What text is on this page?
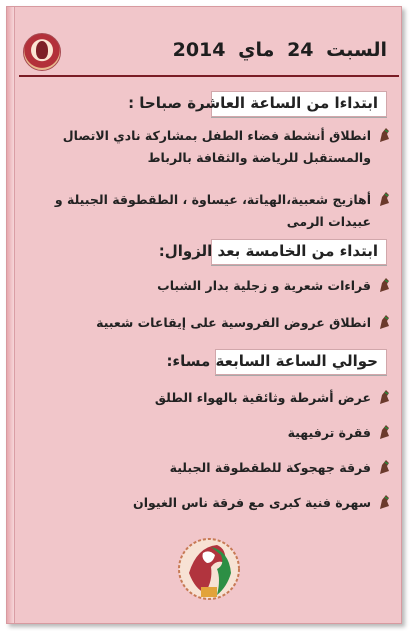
السبت 24 ماي 2014
ابتداءا من الساعة العاشرة صباحا :
انطلاق أنشطة فضاء الطفل بمشاركة نادي الاتصال والمستقبل للرياضة والثقافة بالرباط
أهازيج شعبية،الهياتة، عيساوة ، الطقطوقة الجبيلة و عبيدات الرمى
ابتداء من الخامسة بعد الزوال:
قراءات شعرية و زجلية بدار الشباب
انطلاق عروض الفروسية على إيقاعات شعبية
حوالي الساعة السابعة مساء:
عرض أشرطة وثائقية بالهواء الطلق
فقرة ترفيهية
فرقة جهجوكة للطقطوقة الجبلية
سهرة فنية كبرى مع فرقة ناس الغيوان
